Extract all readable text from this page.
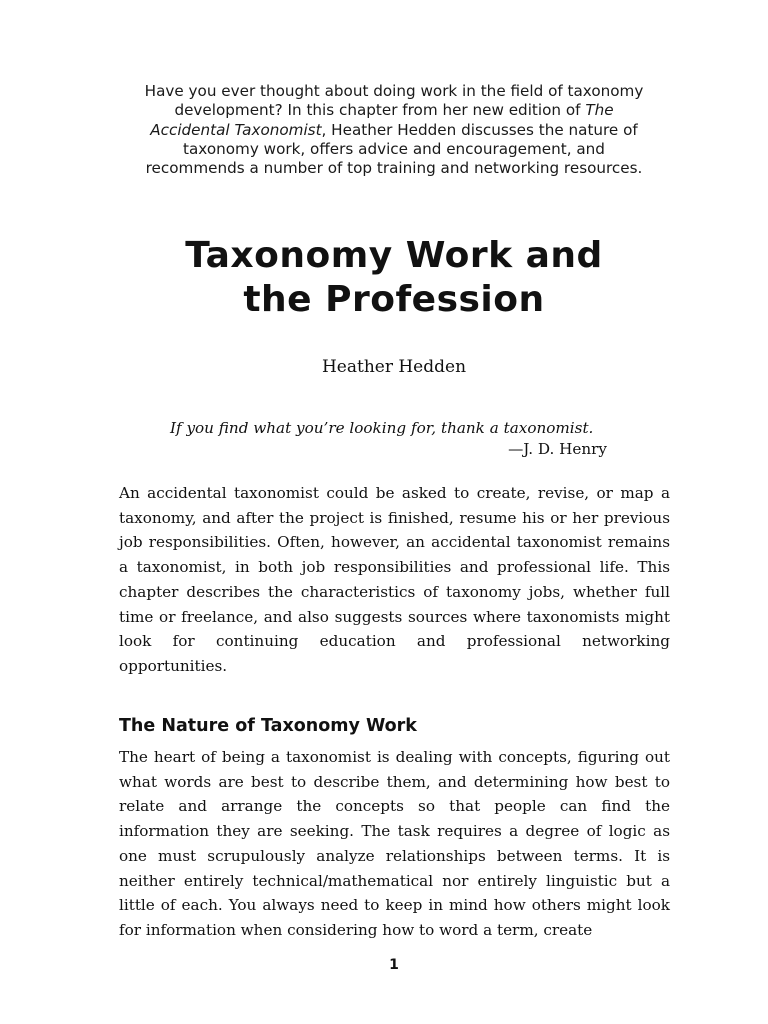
Have you ever thought about doing work in the field of taxonomy development? In this chapter from her new edition of The Accidental Taxonomist, Heather Hedden discusses the nature of taxonomy work, offers advice and encouragement, and recommends a number of top training and networking resources.
Taxonomy Work and
the Profession
Heather Hedden
If you find what you’re looking for, thank a taxonomist.
—J. D. Henry

An accidental taxonomist could be asked to create, revise, or map a taxonomy, and after the project is finished, resume his or her previous job responsibilities. Often, however, an accidental taxonomist remains a taxonomist, in both job responsibilities and professional life. This chapter describes the characteristics of taxonomy jobs, whether full time or freelance, and also suggests sources where taxonomists might look for continuing education and professional networking opportunities.

The Nature of Taxonomy Work

The heart of being a taxonomist is dealing with concepts, figuring out what words are best to describe them, and determining how best to relate and arrange the concepts so that people can find the information they are seeking. The task requires a degree of logic as one must scrupulously analyze relationships between terms. It is neither entirely technical/mathematical nor entirely linguistic but a little of each. You always need to keep in mind how others might look for information when considering how to word a term, create

1
